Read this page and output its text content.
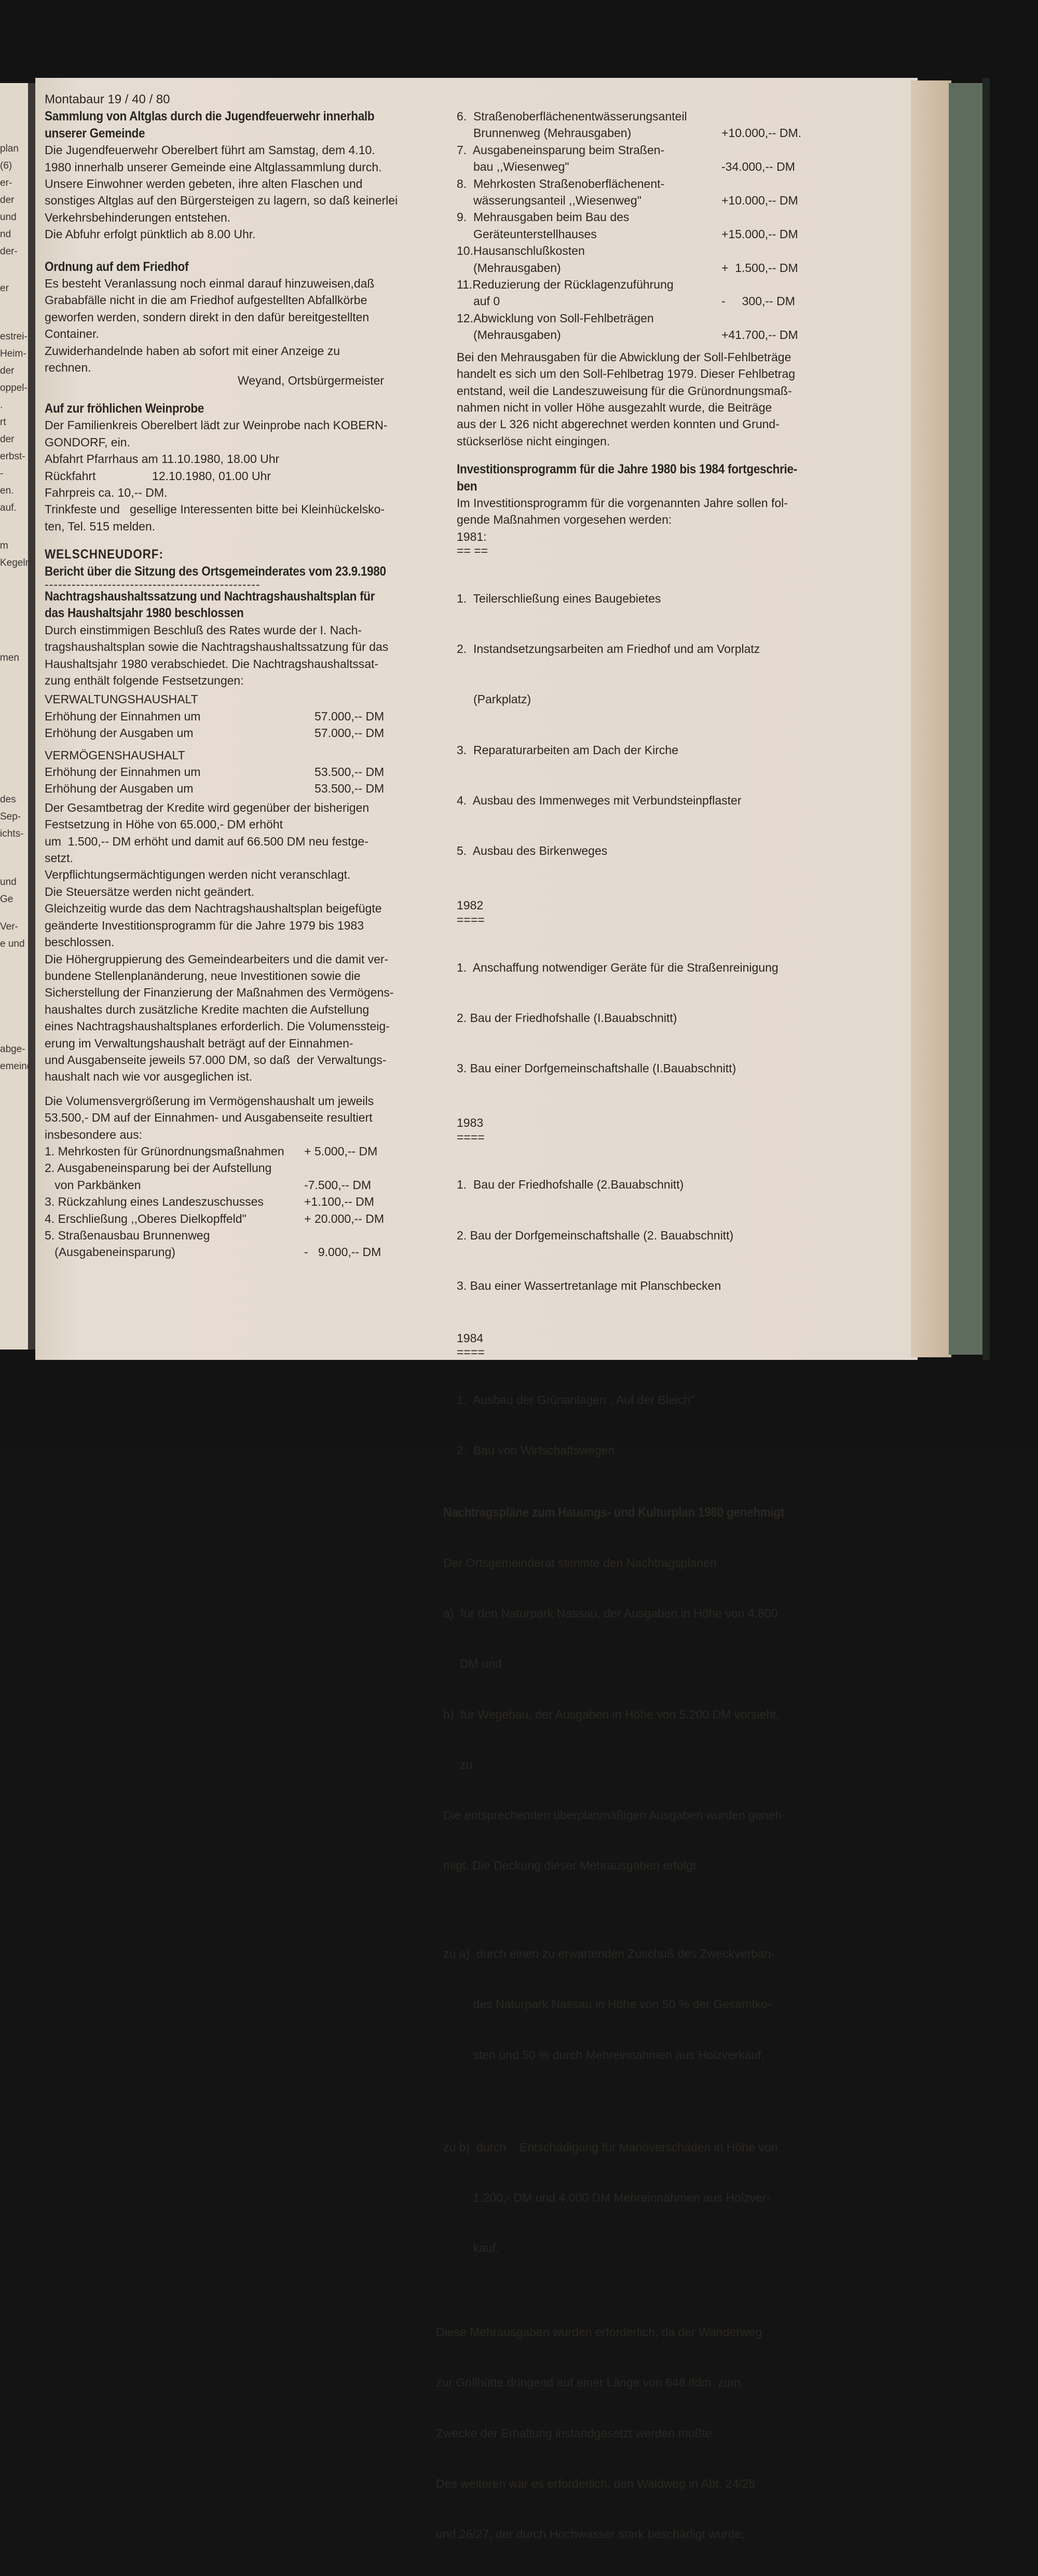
plan
(6)
er-
der
und
nd
der-
er
estrei-
Heim-
der
oppel-
.
rt
der
erbst-
-
en.
auf.
m
Kegeln
men
des
Sep-
ichts-
und
Ge
Ver-
e und
abge-
emeind
Montabaur 19 / 40 / 80
Sammlung von Altglas durch die Jugendfeuerwehr innerhalb
unserer Gemeinde
Die Jugendfeuerwehr Oberelbert führt am Samstag, dem 4.10.
1980 innerhalb unserer Gemeinde eine Altglassammlung durch.
Unsere Einwohner werden gebeten, ihre alten Flaschen und
sonstiges Altglas auf den Bürgersteigen zu lagern, so daß keinerlei
Verkehrsbehinderungen entstehen.
Die Abfuhr erfolgt pünktlich ab 8.00 Uhr.
Ordnung auf dem Friedhof
Es besteht Veranlassung noch einmal darauf hinzuweisen,daß
Grababfälle nicht in die am Friedhof aufgestellten Abfallkörbe
geworfen werden, sondern direkt in den dafür bereitgestellten
Container.
Zuwiderhandelnde haben ab sofort mit einer Anzeige zu
rechnen.
Weyand, Ortsbürgermeister
Auf zur fröhlichen Weinprobe
Der Familienkreis Oberelbert lädt zur Weinprobe nach KOBERN-
GONDORF, ein.
Abfahrt Pfarrhaus am 11.10.1980, 18.00 Uhr
Rückfahrt                 12.10.1980, 01.00 Uhr
Fahrpreis ca. 10,-- DM.
Trinkfeste und   gesellige Interessenten bitte bei Kleinhückelsko-
ten, Tel. 515 melden.
WELSCHNEUDORF:
Bericht über die Sitzung des Ortsgemeinderates vom 23.9.1980
------------------------------------------------
Nachtragshaushaltssatzung und Nachtragshaushaltsplan für
das Haushaltsjahr 1980 beschlossen
Durch einstimmigen Beschluß des Rates wurde der I. Nach-
tragshaushaltsplan sowie die Nachtragshaushaltssatzung für das
Haushaltsjahr 1980 verabschiedet. Die Nachtragshaushaltssat-
zung enthält folgende Festsetzungen:
VERWALTUNGSHAUSHALT
Erhöhung der Einnahmen um	57.000,-- DM
Erhöhung der Ausgaben um	57.000,-- DM
VERMÖGENSHAUSHALT
Erhöhung der Einnahmen um	53.500,-- DM
Erhöhung der Ausgaben um	53.500,-- DM
Der Gesamtbetrag der Kredite wird gegenüber der bisherigen
Festsetzung in Höhe von 65.000,- DM erhöht
um  1.500,-- DM erhöht und damit auf 66.500 DM neu festge-
setzt.
Verpflichtungsermächtigungen werden nicht veranschlagt.
Die Steuersätze werden nicht geändert.
Gleichzeitig wurde das dem Nachtragshaushaltsplan beigefügte
geänderte Investitionsprogramm für die Jahre 1979 bis 1983
beschlossen.
Die Höhergruppierung des Gemeindearbeiters und die damit ver-
bundene Stellenplanänderung, neue Investitionen sowie die
Sicherstellung der Finanzierung der Maßnahmen des Vermögens-
haushaltes durch zusätzliche Kredite machten die Aufstellung
eines Nachtragshaushaltsplanes erforderlich. Die Volumenssteig-
erung im Verwaltungshaushalt beträgt auf der Einnahmen-
und Ausgabenseite jeweils 57.000 DM, so daß  der Verwaltungs-
haushalt nach wie vor ausgeglichen ist.
Die Volumensvergrößerung im Vermögenshaushalt um jeweils
53.500,- DM auf der Einnahmen- und Ausgabenseite resultiert
insbesondere aus:
1. Mehrkosten für Grünordnungsmaßnahmen	+ 5.000,-- DM
2. Ausgabeneinsparung bei der Aufstellung
von Parkbänken	-7.500,-- DM
3. Rückzahlung eines Landeszuschusses	+1.100,-- DM
4. Erschließung ,,Oberes Dielkopffeld"	+ 20.000,-- DM
5. Straßenausbau Brunnenweg
(Ausgabeneinsparung)	-   9.000,-- DM
6.  Straßenoberflächenentwässerungsanteil
Brunnenweg (Mehrausgaben)	+10.000,-- DM.
7.  Ausgabeneinsparung beim Straßen-
bau ,,Wiesenweg"	-34.000,-- DM
8.  Mehrkosten Straßenoberflächenent-
wässerungsanteil ,,Wiesenweg"	+10.000,-- DM
9.  Mehrausgaben beim Bau des
Geräteunterstellhauses	+15.000,-- DM
10.Hausanschlußkosten
(Mehrausgaben)	+  1.500,-- DM
11.Reduzierung der Rücklagenzuführung
auf 0	-     300,-- DM
12.Abwicklung von Soll-Fehlbeträgen
(Mehrausgaben)	+41.700,-- DM
Bei den Mehrausgaben für die Abwicklung der Soll-Fehlbeträge
handelt es sich um den Soll-Fehlbetrag 1979. Dieser Fehlbetrag
entstand, weil die Landeszuweisung für die Grünordnungsmaß-
nahmen nicht in voller Höhe ausgezahlt wurde, die Beiträge
aus der L 326 nicht abgerechnet werden konnten und Grund-
stückserlöse nicht eingingen.
Investitionsprogramm für die Jahre 1980 bis 1984 fortgeschrie-
ben
Im Investitionsprogramm für die vorgenannten Jahre sollen fol-
gende Maßnahmen vorgesehen werden:
1981:
== ==

1.  Teilerschließung eines Baugebietes

2.  Instandsetzungsarbeiten am Friedhof und am Vorplatz

(Parkplatz)

3.  Reparaturarbeiten am Dach der Kirche

4.  Ausbau des Immenweges mit Verbundsteinpflaster

5.  Ausbau des Birkenweges

1982
====

1.  Anschaffung notwendiger Geräte für die Straßenreinigung

2. Bau der Friedhofshalle (I.Bauabschnitt)

3. Bau einer Dorfgemeinschaftshalle (I.Bauabschnitt)

1983
====

1.  Bau der Friedhofshalle (2.Bauabschnitt)

2. Bau der Dorfgemeinschaftshalle (2. Bauabschnitt)

3. Bau einer Wassertretanlage mit Planschbecken

1984
====

1.  Ausbau der Grünanlagen ,,Auf der Bleich"

2.  Bau von Wirtschaftswegen

Nachtragspläne zum Hauungs- und Kulturplan 1980 genehmigt

Der Ortsgemeinderat stimmte den Nachtragsplanen

a)  für den Naturpark Nassau, der Ausgaben in Höhe von 4.800

DM und

b)  für Wegebau, der Ausgaben in Höhe von 5.200 DM vorsieht,

zu.

Die entsprechenden überplanmäßigen Ausgaben wurden geneh-

migt. Die Deckung dieser Mehrausgaben erfolgt

zu a)  durch einen zu erwartenden Zuschuß des Zweckverban-

des Naturpark Nassau in Höhe von 50 % der Gesamtko-

sten und 50 % durch Mehreinnahmen aus Holzverkauf,

zu b)  durch    Entschädigung für Manöverschäden in Höhe von

1.200,- DM und 4.000 DM Mehreinnahmen aus Holzver-

kauf.

Diese Mehrausgaben wurden erforderlich, da der Wanderweg

zur Grillhütte dringend auf einer Länge von 648 lfdm  zum

Zwecke der Erhaltung instandgesetzt werden mußte.

Des weiteren war es erforderlich, den Waldweg in Abt. 24/25

und 26/27, der durch Hochwasser stark beschädigt wurde,
